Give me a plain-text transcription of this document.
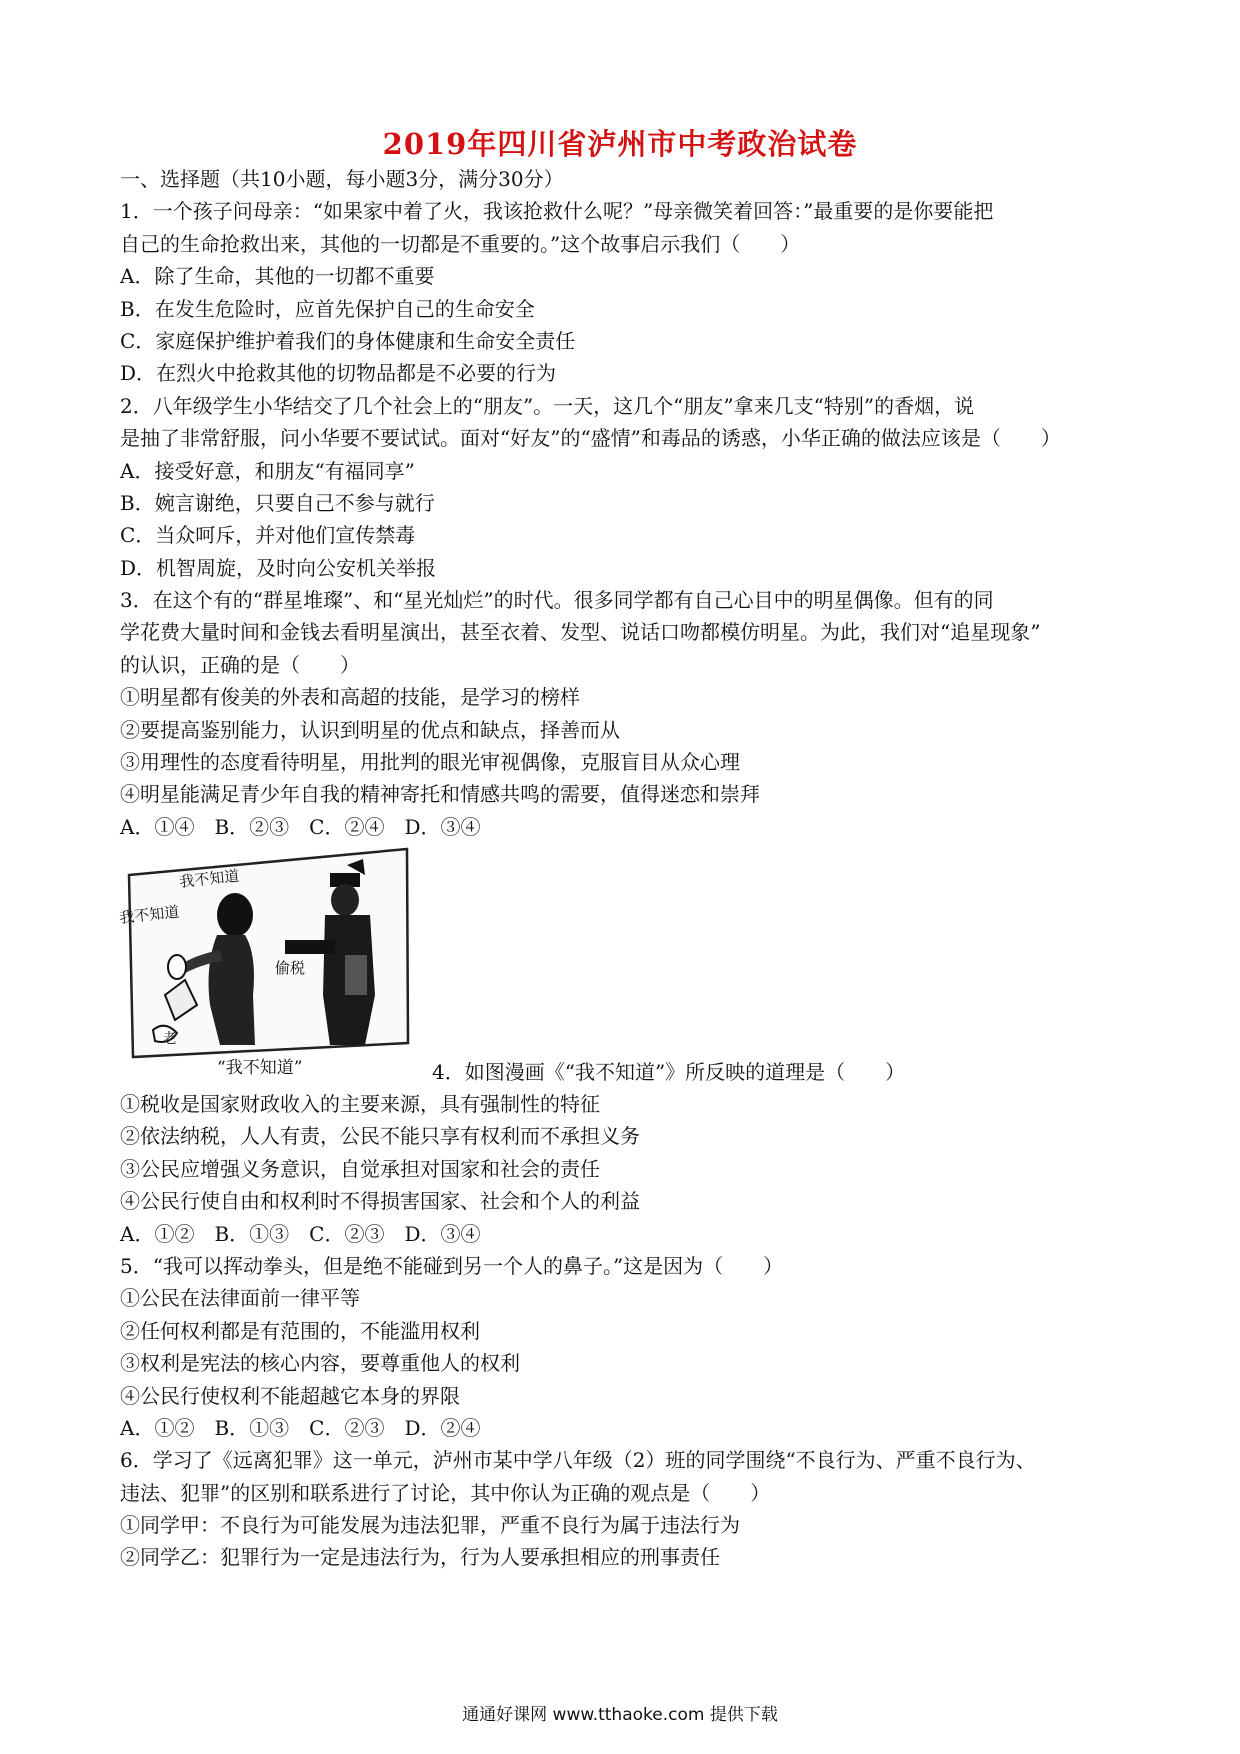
2019年四川省泸州市中考政治试卷
一、选择题（共10小题，每小题3分，满分30分）
1．一个孩子问母亲：“如果家中着了火，我该抢救什么呢？”母亲微笑着回答：”最重要的是你要能把
自己的生命抢救出来，其他的一切都是不重要的。”这个故事启示我们（　　）
A．除了生命，其他的一切都不重要
B．在发生危险时，应首先保护自己的生命安全
C．家庭保护维护着我们的身体健康和生命安全责任
D．在烈火中抢救其他的切物品都是不必要的行为
2．八年级学生小华结交了几个社会上的“朋友”。一天，这几个“朋友”拿来几支“特别”的香烟，说
是抽了非常舒服，问小华要不要试试。面对“好友”的“盛情”和毒品的诱惑，小华正确的做法应该是（　　）
A．接受好意，和朋友“有福同享”
B．婉言谢绝，只要自己不参与就行
C．当众呵斥，并对他们宣传禁毒
D．机智周旋，及时向公安机关举报
3．在这个有的“群星堆璨”、和“星光灿烂”的时代。很多同学都有自己心目中的明星偶像。但有的同
学花费大量时间和金钱去看明星演出，甚至衣着、发型、说话口吻都模仿明星。为此，我们对“追星现象”
的认识，正确的是（　　）
①明星都有俊美的外表和高超的技能，是学习的榜样
②要提高鉴别能力，认识到明星的优点和缺点，择善而从
③用理性的态度看待明星，用批判的眼光审视偶像，克服盲目从众心理
④明星能满足青少年自我的精神寄托和情感共鸣的需要，值得迷恋和崇拜
A．①④　B．②③　C．②④　D．③④
我不知道
我不知道
偷税
老
“我不知道”	4．如图漫画《“我不知道”》所反映的道理是（　　）
①税收是国家财政收入的主要来源，具有强制性的特征
②依法纳税，人人有责，公民不能只享有权利而不承担义务
③公民应增强义务意识，自觉承担对国家和社会的责任
④公民行使自由和权利时不得损害国家、社会和个人的利益
A．①②　B．①③　C．②③　D．③④
5．“我可以挥动拳头，但是绝不能碰到另一个人的鼻子。”这是因为（　　）
①公民在法律面前一律平等
②任何权利都是有范围的，不能滥用权利
③权利是宪法的核心内容，要尊重他人的权利
④公民行使权利不能超越它本身的界限
A．①②　B．①③　C．②③　D．②④
6．学习了《远离犯罪》这一单元，泸州市某中学八年级（2）班的同学围绕“不良行为、严重不良行为、
违法、犯罪”的区别和联系进行了讨论，其中你认为正确的观点是（　　）
①同学甲：不良行为可能发展为违法犯罪，严重不良行为属于违法行为
②同学乙：犯罪行为一定是违法行为，行为人要承担相应的刑事责任
通通好课网 www.tthaoke.com 提供下载
